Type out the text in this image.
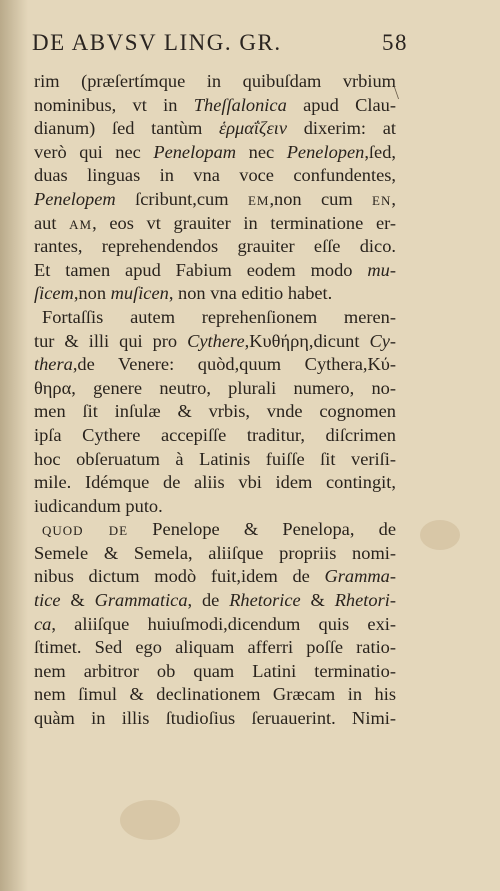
DE ABVSV LING. GR.	58
\
rim (præſertímque in quibuſdam vrbium
nominibus, vt in Theſſalonica apud Clau-
dianum) ſed tantùm ἑρμαΐζειν dixerim: at
verò qui nec Penelopam nec Penelopen,ſed,
duas linguas in vna voce confundentes,
Penelopem ſcribunt,cum em,non cum en,
aut am, eos vt grauiter in terminatione er-
rantes, reprehendendos grauiter eſſe dico.
Et tamen apud Fabium eodem modo mu-
ſicem,non muſicen, non vna editio habet.
Fortaſſis autem reprehenſionem meren-
tur & illi qui pro Cythere,Κυθήρη,dicunt Cy-
thera,de Venere: quòd,quum Cythera,Κύ-
θηρα, genere neutro, plurali numero, no-
men ſit inſulæ & vrbis, vnde cognomen
ipſa Cythere accepiſſe traditur, diſcrimen
hoc obſeruatum à Latinis fuiſſe ſit veriſi-
mile. Idémque de aliis vbi idem contingit,
iudicandum puto.
quod de Penelope & Penelopa, de
Semele & Semela, aliiſque propriis nomi-
nibus dictum modò fuit,idem de Gramma-
tice & Grammatica, de Rhetorice & Rhetori-
ca, aliiſque huiuſmodi,dicendum quis exi-
ſtimet. Sed ego aliquam afferri poſſe ratio-
nem arbitror ob quam Latini terminatio-
nem ſimul & declinationem Græcam in his
quàm in illis ſtudioſius ſeruauerint. Nimi-
